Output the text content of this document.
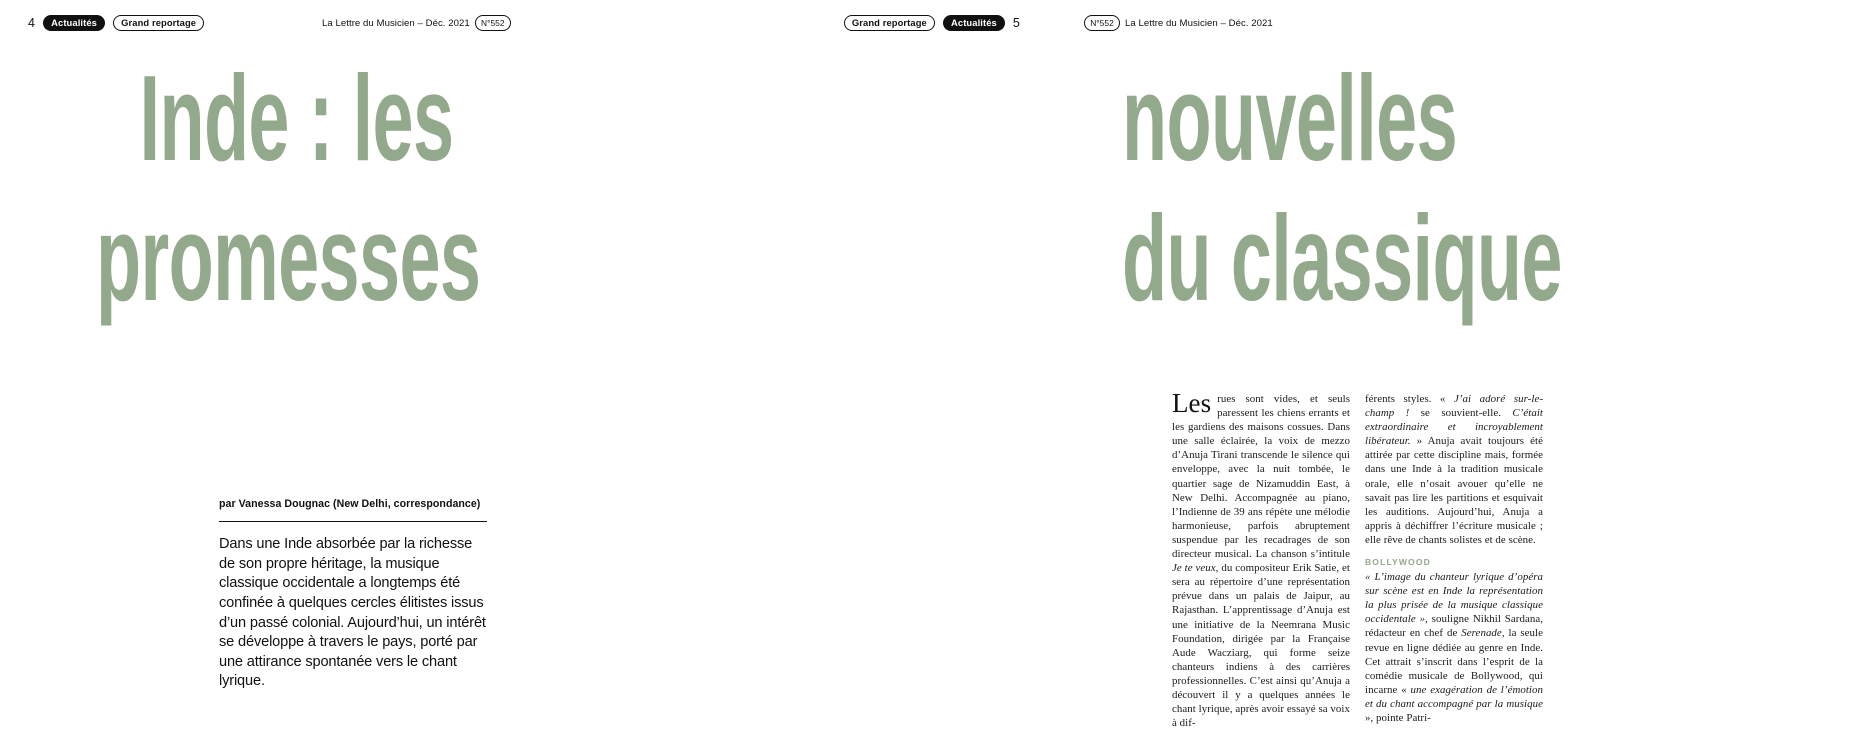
4	Actualités	Grand reportage	La Lettre du Musicien – Déc. 2021	N°552
Inde : les
promesses
par Vanessa Dougnac (New Delhi, correspondance)
Dans une Inde absorbée par la richesse de son propre héritage, la musique classique occidentale a longtemps été confinée à quelques cercles élitistes issus d’un passé colonial. Aujourd’hui, un intérêt se développe à travers le pays, porté par une attirance spontanée vers le chant lyrique.
N°552	La Lettre du Musicien – Déc. 2021
Grand reportage	Actualités	5
nouvelles
du classique

Les rues sont vides, et seuls paressent les chiens errants et les gardiens des maisons cossues. Dans une salle éclairée, la voix de mezzo d’Anuja Tirani transcende le silence qui enveloppe, avec la nuit tombée, le quartier sage de Nizamuddin East, à New Delhi. Accompagnée au piano, l’Indienne de 39 ans répète une mélodie harmonieuse, parfois abruptement suspendue par les recadrages de son directeur musical. La chanson s’intitule Je te veux, du compositeur Erik Satie, et sera au répertoire d’une représentation prévue dans un palais de Jaipur, au Rajasthan. L’apprentissage d’Anuja est une initiative de la Neemrana Music Foundation, dirigée par la Française Aude Wacziarg, qui forme seize chanteurs indiens à des carrières professionnelles. C’est ainsi qu’Anuja a découvert il y a quelques années le chant lyrique, après avoir essayé sa voix à dif-

férents styles. « J’ai adoré sur-le-champ ! se souvient-elle. C’était extraordinaire et incroyablement libérateur. » Anuja avait toujours été attirée par cette discipline mais, formée dans une Inde à la tradition musicale orale, elle n’osait avouer qu’elle ne savait pas lire les partitions et esquivait les auditions. Aujourd’hui, Anuja a appris à déchiffrer l’écriture musicale ; elle rêve de chants solistes et de scène.

BOLLYWOOD

« L’image du chanteur lyrique d’opéra sur scène est en Inde la représentation la plus prisée de la musique classique occidentale », souligne Nikhil Sardana, rédacteur en chef de Serenade, la seule revue en ligne dédiée au genre en Inde. Cet attrait s’inscrit dans l’esprit de la comédie musicale de Bollywood, qui incarne « une exagération de l’émotion et du chant accompagné par la musique », pointe Patri-
